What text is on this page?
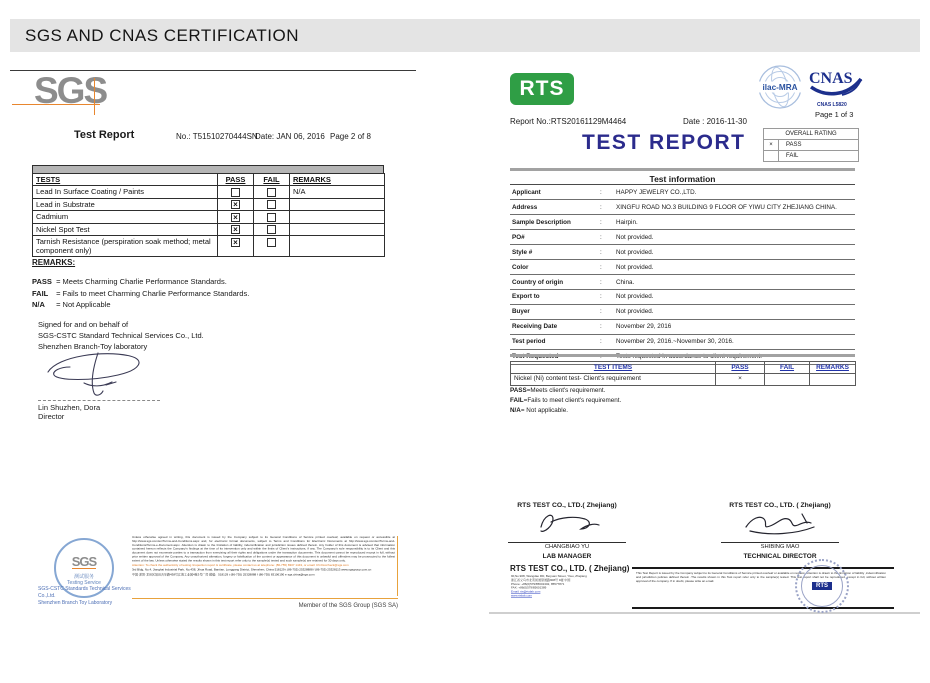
SGS AND CNAS CERTIFICATION
SGS
Test Report	No.: T51510270444SN
Date: JAN 06, 2016 Page 2 of 8
TESTS	PASS	FAIL	REMARKS
Lead In Surface Coating / Paints			N/A
Lead in Substrate	×		
Cadmium	×		
Nickel Spot Test	×		
Tarnish Resistance (perspiration soak method; metal component only)	×		
REMARKS:
PASS = Meets Charming Charlie Performance Standards.
FAIL = Fails to meet Charming Charlie Performance Standards.
N/A = Not Applicable
Signed for and on behalf of
SGS-CSTC Standard Technical Services Co., Ltd.
Shenzhen Branch-Toy laboratory
Lin Shuzhen, Dora
Director
SGS
测试服务
Testing Service
SGS-CSTC Standards Technical Services Co.,Ltd.
Shenzhen Branch Toy Laboratory
Unless otherwise agreed in writing, this document is issued by the Company subject to its General Conditions of Service printed overleaf, available on request or accessible at http://www.sgs.com/en/Terms-and-Conditions.aspx and, for electronic format documents, subject to Terms and Conditions for Electronic Documents at http://www.sgs.com/en/Terms-and-Conditions/Terms-e-Document.aspx. Attention is drawn to the limitation of liability, indemnification and jurisdiction issues defined therein. Any holder of this document is advised that information contained hereon reflects the Company's findings at the time of its intervention only and within the limits of Client's instructions, if any. The Company's sole responsibility is to its Client and this document does not exonerate parties to a transaction from exercising all their rights and obligations under the transaction documents. This document cannot be reproduced except in full, without prior written approval of the Company. Any unauthorized alteration, forgery or falsification of the content or appearance of this document is unlawful and offenders may be prosecuted to the fullest extent of the law. Unless otherwise stated the results shown in this test report refer only to the sample(s) tested and such sample(s) are retained for 30 days only.
Attention: To check the authenticity of testing /inspection report & certificate, please contact us at telephone: (86-755) 8307 1443, or email: CN.Doccheck@sgs.com
3rd Bldg, No.4, Jianghai Industrial Park, No.438, Jihua Road, Bantian, Longgang District, Shenzhen, China 518129 t (86-755) 25328888 f (86-755) 25328113 www.sgsgroup.com.cn
中国·深圳·龙岗区坂田吉华路438号江海工业园4栋3号厂房 邮编：518129 t (86-755) 25328888 f (86-755) 83106190 e sgs.china@sgs.com
Member of the SGS Group (SGS SA)
RTS	ilac-MRA
CNAS
CNAS L5820
Page 1 of 3
Report No.:RTS20161129M4464	Date : 2016-11-30
TEST REPORT	OVERALL RATING
×	PASS
FAIL
Test information
Applicant	:	HAPPY JEWELRY CO.,LTD.
Address	:	XINGFU ROAD NO.3 BUILDING 9 FLOOR OF YIWU CITY ZHEJIANG CHINA.
Sample Description	:	Hairpin.
PO#	:	Not provided.
Style #	:	Not provided.
Color	:	Not provided.
Country of origin	:	China.
Export to	:	Not provided.
Buyer	:	Not provided.
Receiving Date	:	November 29, 2016
Test period	:	November 29, 2016.~November 30, 2016.
TEST ITEMS	PASS	FAIL	REMARKS
Nickel (Ni) content test- Client's requirement	×		
PASS=Meets client's requirement.
FAIL=Fails to meet client's requirement.
N/A= Not applicable.
RTS TEST CO., LTD.( Zhejiang)
CHANGBIAO YU
LAB MANAGER
RTS TEST CO., LTD. ( Zhejiang)
SHIBING MAO
TECHNICAL DIRECTOR
RTS TEST CO., LTD. ( Zhejiang)
9F,No.908, Wangdao RD, Beiyuan Street, Yiwu, Zhejiang
浙江省义乌市北苑街道望道路908号 9楼 中国
Phone: +86(0)579/85601302, 85577871
FAX: +86(0)579/85601389
Email: rts@rtslab.com
www.rtslab.com
This Test Report is issued by the Company subject to its General Conditions of Service printed overleaf or available on request. Attention is drawn to the limitation of liability ,indemnification and jurisdiction policies defined therein .The results shown in this Test report refer only to the sample(s) tested. This test report shall not be reproduced ,except in full, without written approval of the company. If in doubt, please write an email.
RTS
